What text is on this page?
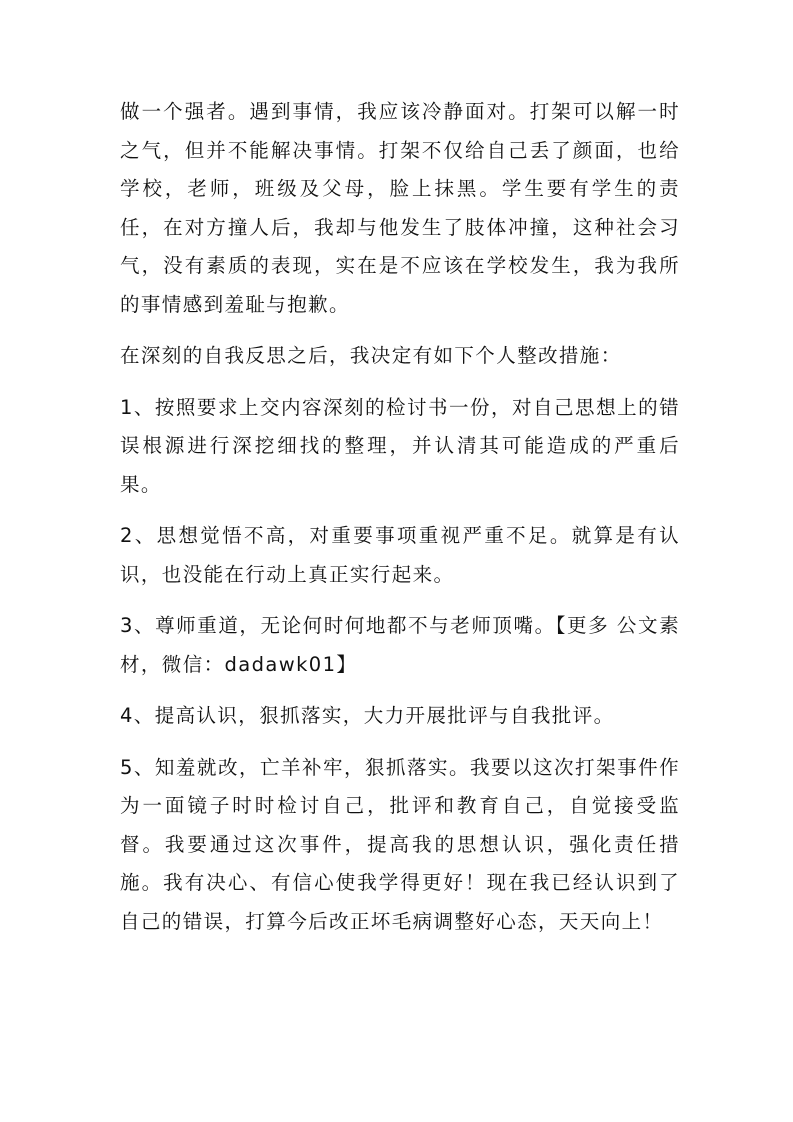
做一个强者。遇到事情，我应该冷静面对。打架可以解一时之气，但并不能解决事情。打架不仅给自己丢了颜面，也给学校，老师，班级及父母，脸上抹黑。学生要有学生的责任，在对方撞人后，我却与他发生了肢体冲撞，这种社会习气，没有素质的表现，实在是不应该在学校发生，我为我所的事情感到羞耻与抱歉。

在深刻的自我反思之后，我决定有如下个人整改措施：

1、按照要求上交内容深刻的检讨书一份，对自己思想上的错误根源进行深挖细找的整理，并认清其可能造成的严重后果。

2、思想觉悟不高，对重要事项重视严重不足。就算是有认识，也没能在行动上真正实行起来。

3、尊师重道，无论何时何地都不与老师顶嘴。【更多 公文素材，微信：dadawk01】

4、提高认识，狠抓落实，大力开展批评与自我批评。

5、知羞就改，亡羊补牢，狠抓落实。我要以这次打架事件作为一面镜子时时检讨自己，批评和教育自己，自觉接受监督。我要通过这次事件，提高我的思想认识，强化责任措施。我有决心、有信心使我学得更好！现在我已经认识到了自己的错误，打算今后改正坏毛病调整好心态，天天向上！
